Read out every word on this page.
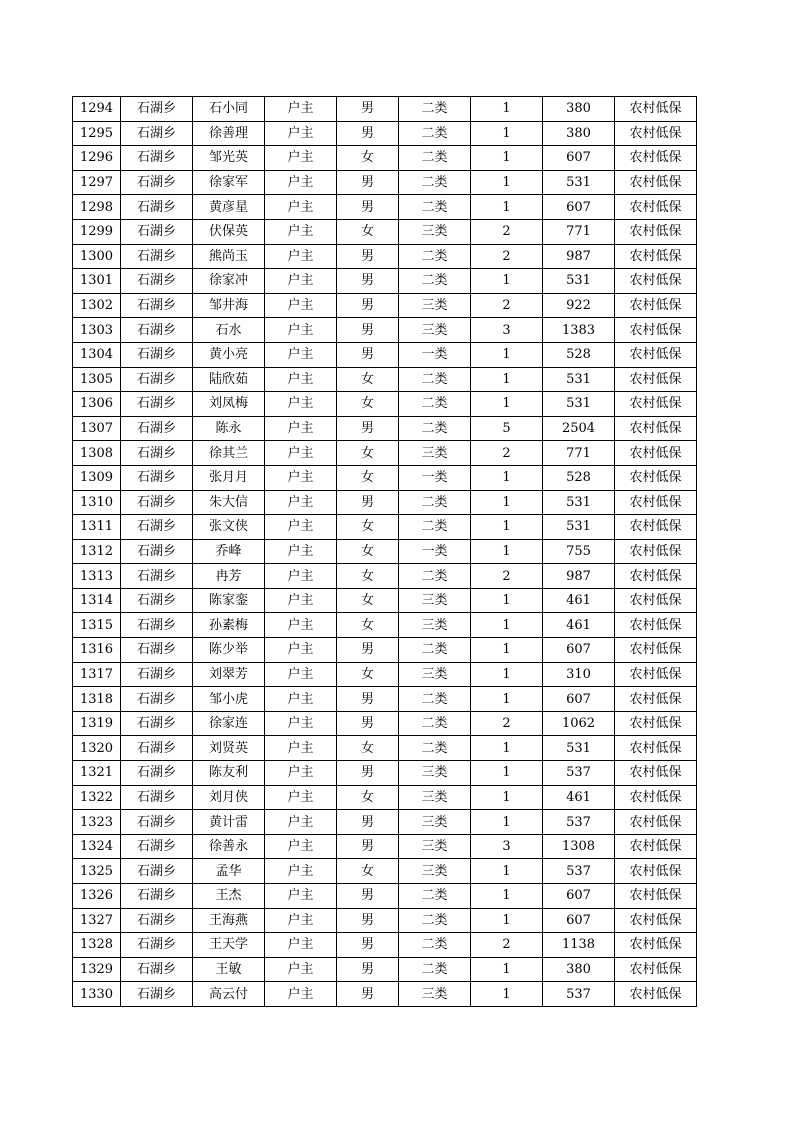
1294	石湖乡	石小同	户主	男	二类	1	380	农村低保
1295	石湖乡	徐善理	户主	男	二类	1	380	农村低保
1296	石湖乡	邹光英	户主	女	二类	1	607	农村低保
1297	石湖乡	徐家军	户主	男	二类	1	531	农村低保
1298	石湖乡	黄彦星	户主	男	二类	1	607	农村低保
1299	石湖乡	伏保英	户主	女	三类	2	771	农村低保
1300	石湖乡	熊尚玉	户主	男	二类	2	987	农村低保
1301	石湖乡	徐家冲	户主	男	二类	1	531	农村低保
1302	石湖乡	邹井海	户主	男	三类	2	922	农村低保
1303	石湖乡	石水	户主	男	三类	3	1383	农村低保
1304	石湖乡	黄小亮	户主	男	一类	1	528	农村低保
1305	石湖乡	陆欣茹	户主	女	二类	1	531	农村低保
1306	石湖乡	刘凤梅	户主	女	二类	1	531	农村低保
1307	石湖乡	陈永	户主	男	二类	5	2504	农村低保
1308	石湖乡	徐其兰	户主	女	三类	2	771	农村低保
1309	石湖乡	张月月	户主	女	一类	1	528	农村低保
1310	石湖乡	朱大信	户主	男	二类	1	531	农村低保
1311	石湖乡	张文侠	户主	女	二类	1	531	农村低保
1312	石湖乡	乔峰	户主	女	一类	1	755	农村低保
1313	石湖乡	冉芳	户主	女	二类	2	987	农村低保
1314	石湖乡	陈家銮	户主	女	三类	1	461	农村低保
1315	石湖乡	孙素梅	户主	女	三类	1	461	农村低保
1316	石湖乡	陈少举	户主	男	二类	1	607	农村低保
1317	石湖乡	刘翠芳	户主	女	三类	1	310	农村低保
1318	石湖乡	邹小虎	户主	男	二类	1	607	农村低保
1319	石湖乡	徐家连	户主	男	二类	2	1062	农村低保
1320	石湖乡	刘贤英	户主	女	二类	1	531	农村低保
1321	石湖乡	陈友利	户主	男	三类	1	537	农村低保
1322	石湖乡	刘月侠	户主	女	三类	1	461	农村低保
1323	石湖乡	黄计雷	户主	男	三类	1	537	农村低保
1324	石湖乡	徐善永	户主	男	三类	3	1308	农村低保
1325	石湖乡	孟华	户主	女	三类	1	537	农村低保
1326	石湖乡	王杰	户主	男	二类	1	607	农村低保
1327	石湖乡	王海燕	户主	男	二类	1	607	农村低保
1328	石湖乡	王天学	户主	男	二类	2	1138	农村低保
1329	石湖乡	王敏	户主	男	二类	1	380	农村低保
1330	石湖乡	高云付	户主	男	三类	1	537	农村低保
